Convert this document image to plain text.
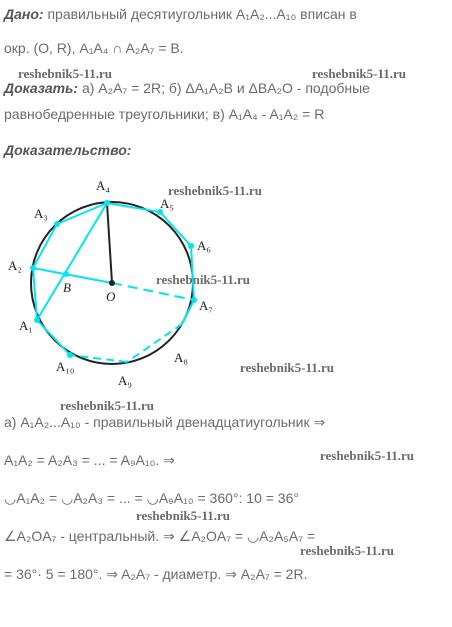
Дано: правильный десятиугольник A₁A₂...A₁₀ вписан в
окр. (O, R), A₁A₄ ∩ A₂A₇ = B.
Доказать: а) A₂A₇ = 2R; б) ΔA₁A₂B и ΔBA₂O - подобные
равнобедренные треугольники; в) A₁A₄ - A₁A₂ = R
Доказательство:
reshebnik5-11.ru	reshebnik5-11.ru
reshebnik5-11.ru
reshebnik5-11.ru
reshebnik5-11.ru
reshebnik5-11.ru
reshebnik5-11.ru
reshebnik5-11.ru
reshebnik5-11.ru
A₁
A₂
A₃
A₄
A₅
A₆
A₇
A₈
A₉
A₁₀
B
O
а) A₁A₂...A₁₀ - правильный двенадцатиугольник ⇒
A₁A₂ = A₂A₃ = ... = A₉A₁₀. ⇒
◡A₁A₂ = ◡A₂A₃ = ... = ◡A₉A₁₀ = 360°: 10 = 36°
∠A₂OA₇ - центральный. ⇒ ∠A₂OA₇ = ◡A₂A₅A₇ =
= 36°· 5 = 180°. ⇒ A₂A₇ - диаметр. ⇒ A₂A₇ = 2R.
